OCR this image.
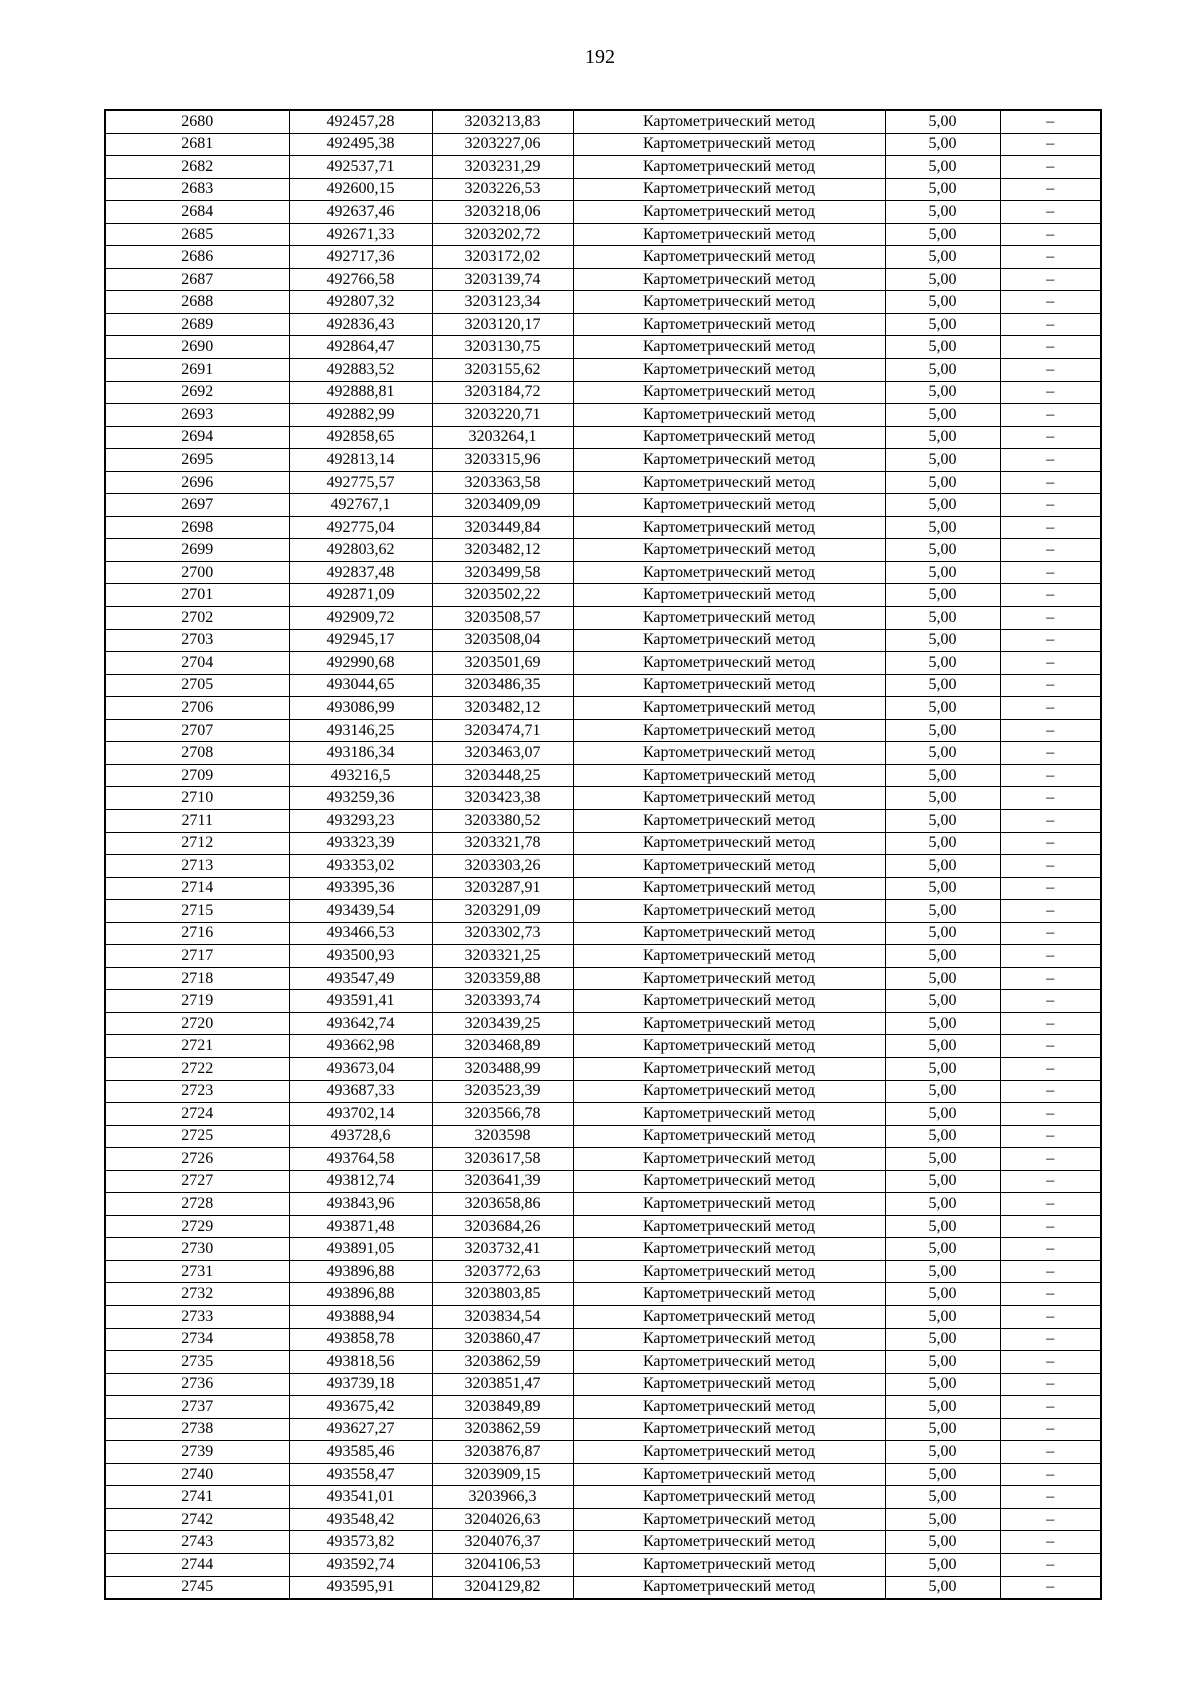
192
2680	492457,28	3203213,83	Картометрический метод	5,00	–
2681	492495,38	3203227,06	Картометрический метод	5,00	–
2682	492537,71	3203231,29	Картометрический метод	5,00	–
2683	492600,15	3203226,53	Картометрический метод	5,00	–
2684	492637,46	3203218,06	Картометрический метод	5,00	–
2685	492671,33	3203202,72	Картометрический метод	5,00	–
2686	492717,36	3203172,02	Картометрический метод	5,00	–
2687	492766,58	3203139,74	Картометрический метод	5,00	–
2688	492807,32	3203123,34	Картометрический метод	5,00	–
2689	492836,43	3203120,17	Картометрический метод	5,00	–
2690	492864,47	3203130,75	Картометрический метод	5,00	–
2691	492883,52	3203155,62	Картометрический метод	5,00	–
2692	492888,81	3203184,72	Картометрический метод	5,00	–
2693	492882,99	3203220,71	Картометрический метод	5,00	–
2694	492858,65	3203264,1	Картометрический метод	5,00	–
2695	492813,14	3203315,96	Картометрический метод	5,00	–
2696	492775,57	3203363,58	Картометрический метод	5,00	–
2697	492767,1	3203409,09	Картометрический метод	5,00	–
2698	492775,04	3203449,84	Картометрический метод	5,00	–
2699	492803,62	3203482,12	Картометрический метод	5,00	–
2700	492837,48	3203499,58	Картометрический метод	5,00	–
2701	492871,09	3203502,22	Картометрический метод	5,00	–
2702	492909,72	3203508,57	Картометрический метод	5,00	–
2703	492945,17	3203508,04	Картометрический метод	5,00	–
2704	492990,68	3203501,69	Картометрический метод	5,00	–
2705	493044,65	3203486,35	Картометрический метод	5,00	–
2706	493086,99	3203482,12	Картометрический метод	5,00	–
2707	493146,25	3203474,71	Картометрический метод	5,00	–
2708	493186,34	3203463,07	Картометрический метод	5,00	–
2709	493216,5	3203448,25	Картометрический метод	5,00	–
2710	493259,36	3203423,38	Картометрический метод	5,00	–
2711	493293,23	3203380,52	Картометрический метод	5,00	–
2712	493323,39	3203321,78	Картометрический метод	5,00	–
2713	493353,02	3203303,26	Картометрический метод	5,00	–
2714	493395,36	3203287,91	Картометрический метод	5,00	–
2715	493439,54	3203291,09	Картометрический метод	5,00	–
2716	493466,53	3203302,73	Картометрический метод	5,00	–
2717	493500,93	3203321,25	Картометрический метод	5,00	–
2718	493547,49	3203359,88	Картометрический метод	5,00	–
2719	493591,41	3203393,74	Картометрический метод	5,00	–
2720	493642,74	3203439,25	Картометрический метод	5,00	–
2721	493662,98	3203468,89	Картометрический метод	5,00	–
2722	493673,04	3203488,99	Картометрический метод	5,00	–
2723	493687,33	3203523,39	Картометрический метод	5,00	–
2724	493702,14	3203566,78	Картометрический метод	5,00	–
2725	493728,6	3203598	Картометрический метод	5,00	–
2726	493764,58	3203617,58	Картометрический метод	5,00	–
2727	493812,74	3203641,39	Картометрический метод	5,00	–
2728	493843,96	3203658,86	Картометрический метод	5,00	–
2729	493871,48	3203684,26	Картометрический метод	5,00	–
2730	493891,05	3203732,41	Картометрический метод	5,00	–
2731	493896,88	3203772,63	Картометрический метод	5,00	–
2732	493896,88	3203803,85	Картометрический метод	5,00	–
2733	493888,94	3203834,54	Картометрический метод	5,00	–
2734	493858,78	3203860,47	Картометрический метод	5,00	–
2735	493818,56	3203862,59	Картометрический метод	5,00	–
2736	493739,18	3203851,47	Картометрический метод	5,00	–
2737	493675,42	3203849,89	Картометрический метод	5,00	–
2738	493627,27	3203862,59	Картометрический метод	5,00	–
2739	493585,46	3203876,87	Картометрический метод	5,00	–
2740	493558,47	3203909,15	Картометрический метод	5,00	–
2741	493541,01	3203966,3	Картометрический метод	5,00	–
2742	493548,42	3204026,63	Картометрический метод	5,00	–
2743	493573,82	3204076,37	Картометрический метод	5,00	–
2744	493592,74	3204106,53	Картометрический метод	5,00	–
2745	493595,91	3204129,82	Картометрический метод	5,00	–
